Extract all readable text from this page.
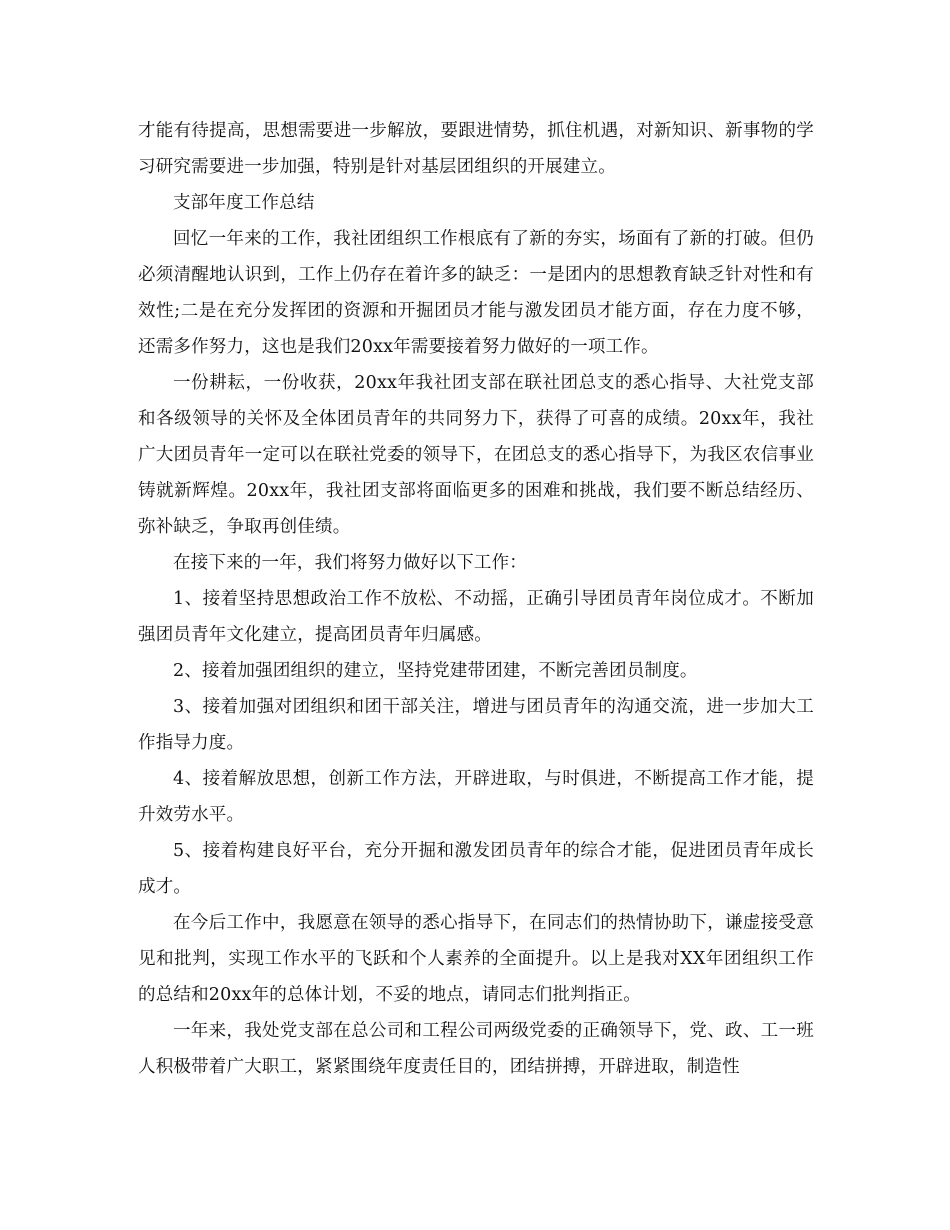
才能有待提高，思想需要进一步解放，要跟进情势，抓住机遇，对新知识、新事物的学习研究需要进一步加强，特别是针对基层团组织的开展建立。

支部年度工作总结

回忆一年来的工作，我社团组织工作根底有了新的夯实，场面有了新的打破。但仍必须清醒地认识到，工作上仍存在着许多的缺乏：一是团内的思想教育缺乏针对性和有效性;二是在充分发挥团的资源和开掘团员才能与激发团员才能方面，存在力度不够，还需多作努力，这也是我们20xx年需要接着努力做好的一项工作。

一份耕耘，一份收获，20xx年我社团支部在联社团总支的悉心指导、大社党支部和各级领导的关怀及全体团员青年的共同努力下，获得了可喜的成绩。20xx年，我社广大团员青年一定可以在联社党委的领导下，在团总支的悉心指导下，为我区农信事业铸就新辉煌。20xx年，我社团支部将面临更多的困难和挑战，我们要不断总结经历、弥补缺乏，争取再创佳绩。

在接下来的一年，我们将努力做好以下工作：

1、接着坚持思想政治工作不放松、不动摇，正确引导团员青年岗位成才。不断加强团员青年文化建立，提高团员青年归属感。

2、接着加强团组织的建立，坚持党建带团建，不断完善团员制度。

3、接着加强对团组织和团干部关注，增进与团员青年的沟通交流，进一步加大工作指导力度。

4、接着解放思想，创新工作方法，开辟进取，与时俱进，不断提高工作才能，提升效劳水平。

5、接着构建良好平台，充分开掘和激发团员青年的综合才能，促进团员青年成长成才。

在今后工作中，我愿意在领导的悉心指导下，在同志们的热情协助下，谦虚接受意见和批判，实现工作水平的飞跃和个人素养的全面提升。以上是我对XX年团组织工作的总结和20xx年的总体计划，不妥的地点，请同志们批判指正。

一年来，我处党支部在总公司和工程公司两级党委的正确领导下，党、政、工一班人积极带着广大职工，紧紧围绕年度责任目的，团结拼搏，开辟进取，制造性
